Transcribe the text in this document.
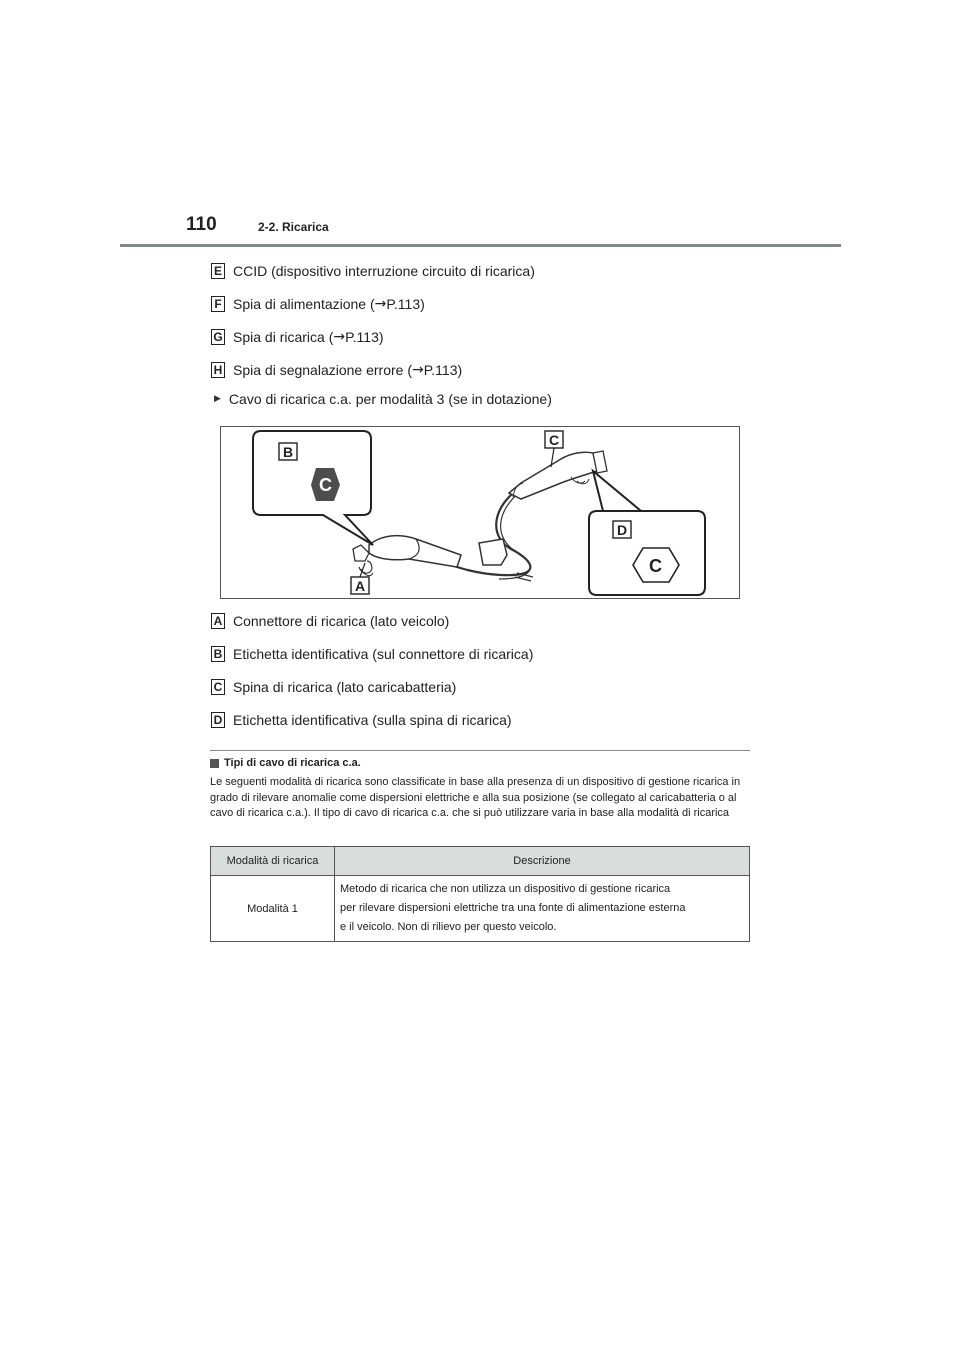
110	2-2. Ricarica
E CCID (dispositivo interruzione circuito di ricarica)
F Spia di alimentazione ( → P.113)
G Spia di ricarica ( → P.113)
H Spia di segnalazione errore ( → P.113)
▶ Cavo di ricarica c.a. per modalità 3 (se in dotazione)
B
C
D
C
C
A
A Connettore di ricarica (lato veicolo)
B Etichetta identificativa (sul connettore di ricarica)
C Spina di ricarica (lato caricabatteria)
D Etichetta identificativa (sulla spina di ricarica)
Tipi di cavo di ricarica c.a.
Le seguenti modalità di ricarica sono classificate in base alla presenza di un dispositivo di gestione ricarica in grado di rilevare anomalie come dispersioni elettriche e alla sua posizione (se collegato al caricabatteria o al cavo di ricarica c.a.). Il tipo di cavo di ricarica c.a. che si può utilizzare varia in base alla modalità di ricarica
Modalità di ricarica	Descrizione
Modalità 1	Metodo di ricarica che non utilizza un dispositivo di gestione ricarica
per rilevare dispersioni elettriche tra una fonte di alimentazione esterna
e il veicolo. Non di rilievo per questo veicolo.
